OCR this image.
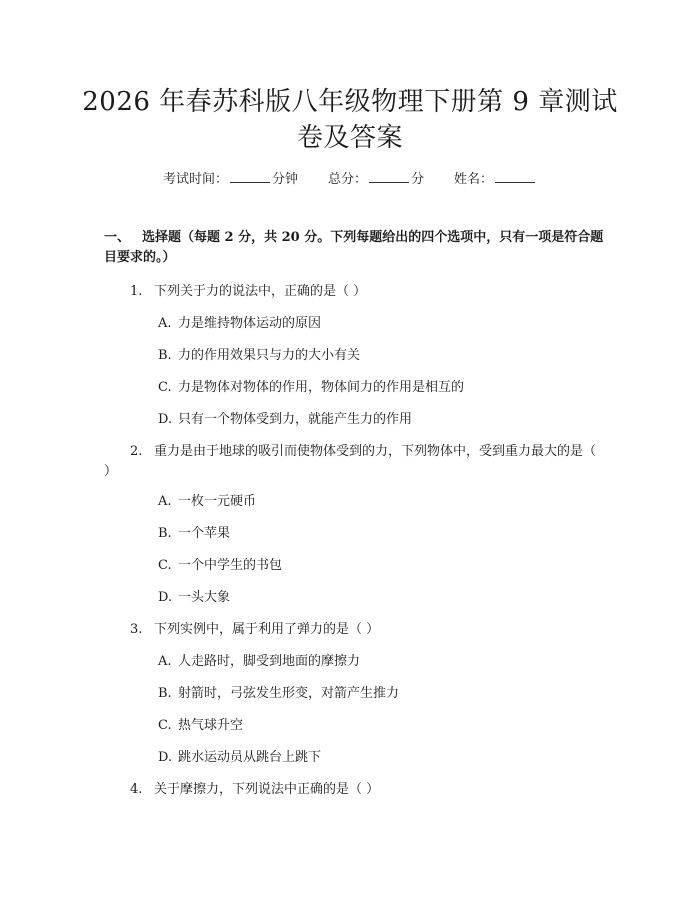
2026 年春苏科版八年级物理下册第 9 章测试
卷及答案
考试时间：	分钟 总分：	分 姓名：
一、 选择题（每题 2 分，共 20 分。下列每题给出的四个选项中，只有一项是符合题目要求的。）
1. 下列关于力的说法中，正确的是（ ）
A. 力是维持物体运动的原因
B. 力的作用效果只与力的大小有关
C. 力是物体对物体的作用，物体间力的作用是相互的
D. 只有一个物体受到力，就能产生力的作用
2. 重力是由于地球的吸引而使物体受到的力，下列物体中，受到重力最大的是（ ）
A. 一枚一元硬币
B. 一个苹果
C. 一个中学生的书包
D. 一头大象
3. 下列实例中，属于利用了弹力的是（ ）
A. 人走路时，脚受到地面的摩擦力
B. 射箭时，弓弦发生形变，对箭产生推力
C. 热气球升空
D. 跳水运动员从跳台上跳下
4. 关于摩擦力，下列说法中正确的是（ ）
